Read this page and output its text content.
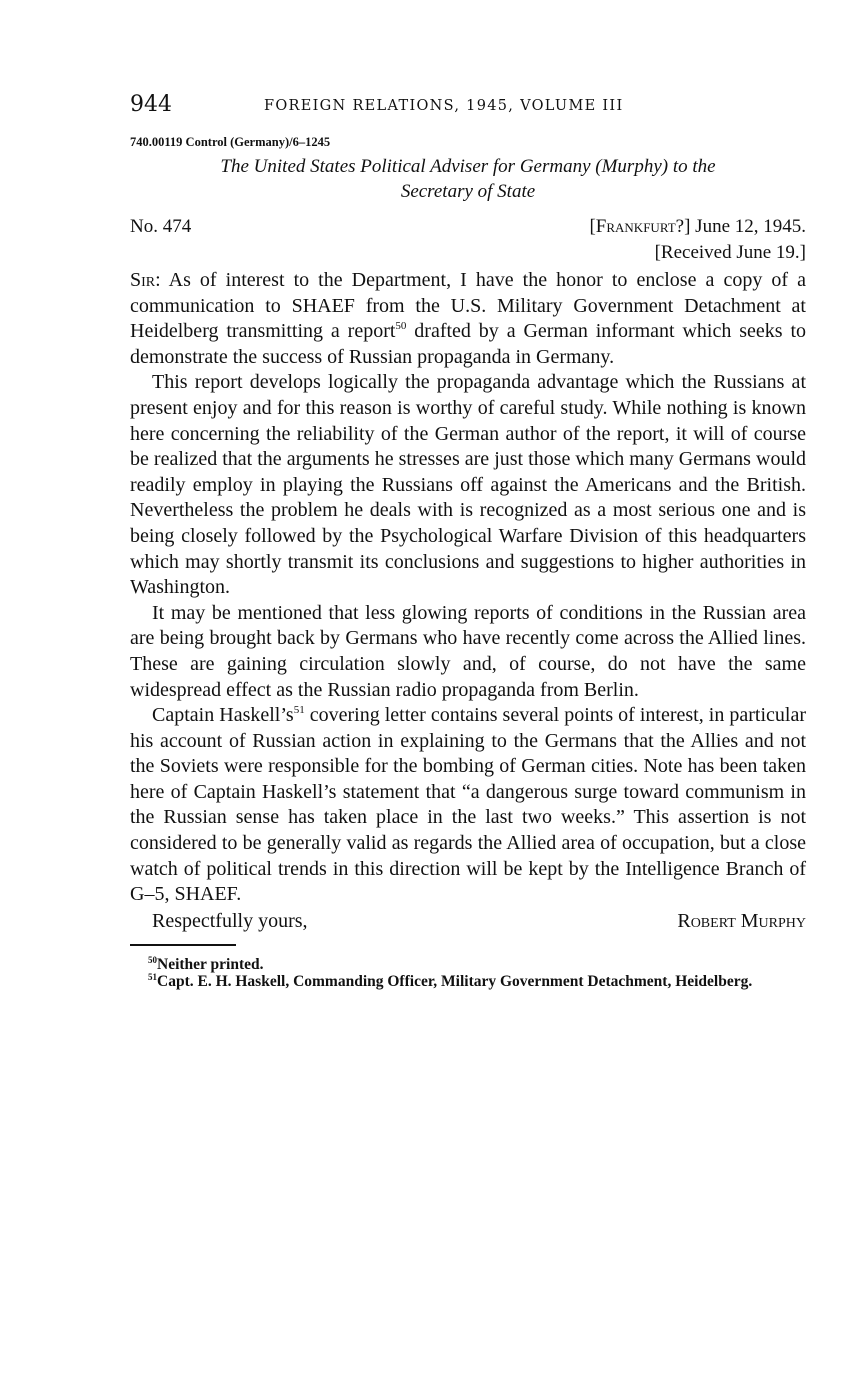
944	FOREIGN RELATIONS, 1945, VOLUME III
740.00119 Control (Germany)/6–1245
The United States Political Adviser for Germany (Murphy) to the
Secretary of State
No. 474	[Frankfurt?] June 12, 1945.
[Received June 19.]

Sir: As of interest to the Department, I have the honor to enclose a copy of a communication to SHAEF from the U.S. Military Government Detachment at Heidelberg transmitting a report$^{50}$ drafted by a German informant which seeks to demonstrate the success of Russian propaganda in Germany.

This report develops logically the propaganda advantage which the Russians at present enjoy and for this reason is worthy of careful study. While nothing is known here concerning the reliability of the German author of the report, it will of course be realized that the arguments he stresses are just those which many Germans would readily employ in playing the Russians off against the Americans and the British. Nevertheless the problem he deals with is recognized as a most serious one and is being closely followed by the Psychological Warfare Division of this headquarters which may shortly transmit its conclusions and suggestions to higher authorities in Washington.

It may be mentioned that less glowing reports of conditions in the Russian area are being brought back by Germans who have recently come across the Allied lines. These are gaining circulation slowly and, of course, do not have the same widespread effect as the Russian radio propaganda from Berlin.

Captain Haskell’s$^{51}$ covering letter contains several points of interest, in particular his account of Russian action in explaining to the Germans that the Allies and not the Soviets were responsible for the bombing of German cities. Note has been taken here of Captain Haskell’s statement that “a dangerous surge toward communism in the Russian sense has taken place in the last two weeks.” This assertion is not considered to be generally valid as regards the Allied area of occupation, but a close watch of political trends in this direction will be kept by the Intelligence Branch of G–5, SHAEF.

Respectfully yours,	Robert Murphy

$^{50}$Neither printed.

$^{51}$Capt. E. H. Haskell, Commanding Officer, Military Government Detachment, Heidelberg.
